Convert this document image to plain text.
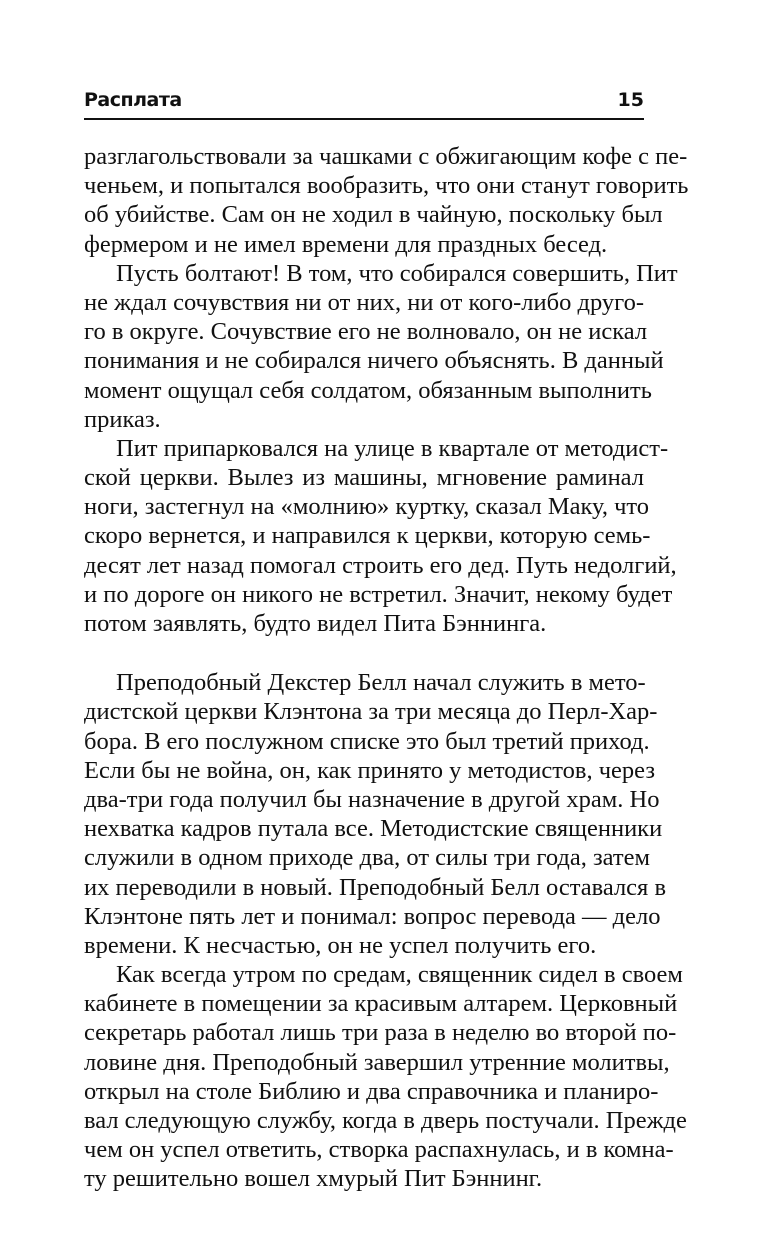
Расплата	15
разглагольствовали за чашками с обжигающим кофе с пе-
ченьем, и попытался вообразить, что они станут говорить
об убийстве. Сам он не ходил в чайную, поскольку был
фермером и не имел времени для праздных бесед.
Пусть болтают! В том, что собирался совершить, Пит
не ждал сочувствия ни от них, ни от кого-либо друго-
го в округе. Сочувствие его не волновало, он не искал
понимания и не собирался ничего объяснять. В данный
момент ощущал себя солдатом, обязанным выполнить
приказ.
Пит припарковался на улице в квартале от методист-
ской церкви. Вылез из машины, мгновение раминал
ноги, застегнул на «молнию» куртку, сказал Маку, что
скоро вернется, и направился к церкви, которую семь-
десят лет назад помогал строить его дед. Путь недолгий,
и по дороге он никого не встретил. Значит, некому будет
потом заявлять, будто видел Пита Бэннинга.
Преподобный Декстер Белл начал служить в мето-
дистской церкви Клэнтона за три месяца до Перл-Хар-
бора. В его послужном списке это был третий приход.
Если бы не война, он, как принято у методистов, через
два-три года получил бы назначение в другой храм. Но
нехватка кадров путала все. Методистские священники
служили в одном приходе два, от силы три года, затем
их переводили в новый. Преподобный Белл оставался в
Клэнтоне пять лет и понимал: вопрос перевода — дело
времени. К несчастью, он не успел получить его.
Как всегда утром по средам, священник сидел в своем
кабинете в помещении за красивым алтарем. Церковный
секретарь работал лишь три раза в неделю во второй по-
ловине дня. Преподобный завершил утренние молитвы,
открыл на столе Библию и два справочника и планиро-
вал следующую службу, когда в дверь постучали. Прежде
чем он успел ответить, створка распахнулась, и в комна-
ту решительно вошел хмурый Пит Бэннинг.
